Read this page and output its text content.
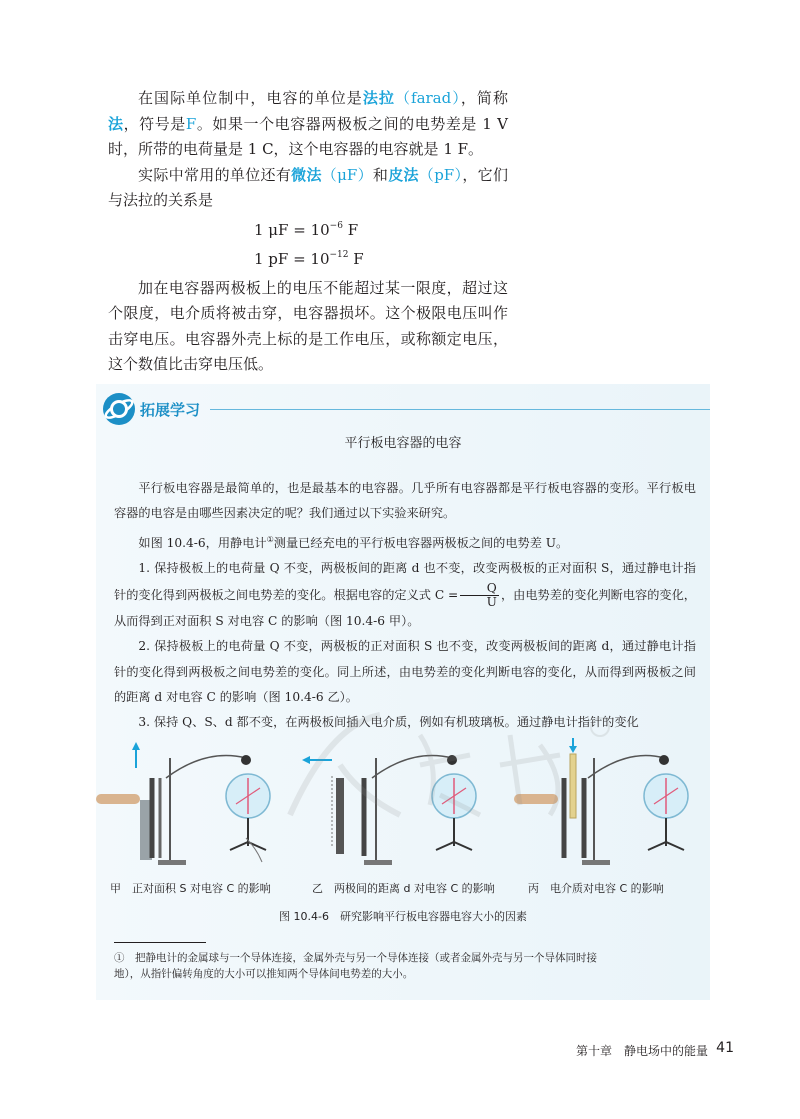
在国际单位制中，电容的单位是法拉（farad），简称法，符号是F。如果一个电容器两极板之间的电势差是 1 V 时，所带的电荷量是 1 C，这个电容器的电容就是 1 F。

实际中常用的单位还有微法（μF）和皮法（pF），它们与法拉的关系是

1 $\mu F = 10^{-6}$ F
1 pF = $10^{-12}$ F

加在电容器两极板上的电压不能超过某一限度，超过这个限度，电介质将被击穿，电容器损坏。这个极限电压叫作击穿电压。电容器外壳上标的是工作电压，或称额定电压，这个数值比击穿电压低。

拓展学习
平行板电容器的电容

平行板电容器是最简单的，也是最基本的电容器。几乎所有电容器都是平行板电容器的变形。平行板电容器的电容是由哪些因素决定的呢？我们通过以下实验来研究。

如图 10.4-6，用静电计①测量已经充电的平行板电容器两极板之间的电势差 U。

1. 保持极板上的电荷量 Q 不变，两极板间的距离 d 也不变，改变两极板的正对面积 S，通过静电计指针的变化得到两极板之间电势差的变化。根据电容的定义式 $C = \frac{Q}{U}$ ，由电势差的变化判断电容的变化，从而得到正对面积 S 对电容 C 的影响（图 10.4-6 甲）。

2. 保持极板上的电荷量 Q 不变，两极板的正对面积 S 也不变，改变两极板间的距离 d，通过静电计指针的变化得到两极板之间电势差的变化。同上所述，由电势差的变化判断电容的变化，从而得到两极板之间的距离 d 对电容 C 的影响（图 10.4-6 乙）。

3. 保持 Q、S、d 都不变，在两极板间插入电介质，例如有机玻璃板。通过静电计指针的变化

甲　正对面积 S 对电容 C 的影响	乙　两极间的距离 d 对电容 C 的影响	丙　电介质对电容 C 的影响
图 10.4-6　研究影响平行板电容器电容大小的因素
①　把静电计的金属球与一个导体连接，金属外壳与另一个导体连接（或者金属外壳与另一个导体同时接地），从指针偏转角度的大小可以推知两个导体间电势差的大小。
第十章　静电场中的能量 41
